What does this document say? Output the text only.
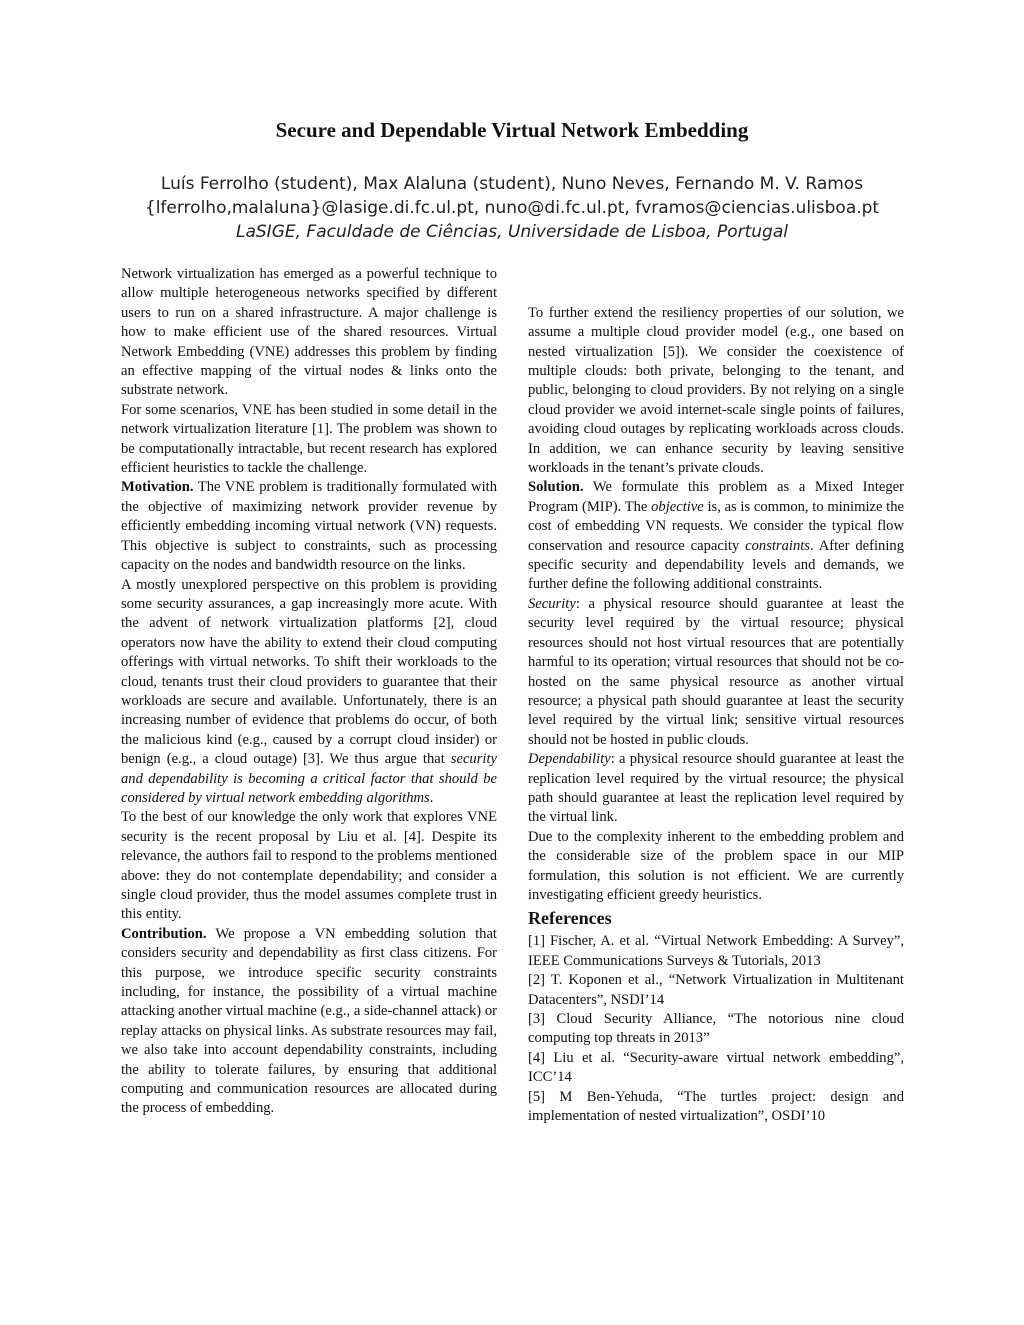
Secure and Dependable Virtual Network Embedding
Luís Ferrolho (student), Max Alaluna (student), Nuno Neves, Fernando M. V. Ramos
{lferrolho,malaluna}@lasige.di.fc.ul.pt, nuno@di.fc.ul.pt, fvramos@ciencias.ulisboa.pt
LaSIGE, Faculdade de Ciências, Universidade de Lisboa, Portugal

Network virtualization has emerged as a powerful technique to allow multiple heterogeneous networks specified by different users to run on a shared infrastructure. A major challenge is how to make efficient use of the shared resources. Virtual Network Embedding (VNE) addresses this problem by finding an effective mapping of the virtual nodes & links onto the substrate network.

For some scenarios, VNE has been studied in some detail in the network virtualization literature [1]. The problem was shown to be computationally intractable, but recent research has explored efficient heuristics to tackle the challenge.

Motivation. The VNE problem is traditionally formulated with the objective of maximizing network provider revenue by efficiently embedding incoming virtual network (VN) requests. This objective is subject to constraints, such as processing capacity on the nodes and bandwidth resource on the links.

A mostly unexplored perspective on this problem is providing some security assurances, a gap increasingly more acute. With the advent of network virtualization platforms [2], cloud operators now have the ability to extend their cloud computing offerings with virtual networks. To shift their workloads to the cloud, tenants trust their cloud providers to guarantee that their workloads are secure and available. Unfortunately, there is an increasing number of evidence that problems do occur, of both the malicious kind (e.g., caused by a corrupt cloud insider) or benign (e.g., a cloud outage) [3]. We thus argue that security and dependability is becoming a critical factor that should be considered by virtual network embedding algorithms.

To the best of our knowledge the only work that explores VNE security is the recent proposal by Liu et al. [4]. Despite its relevance, the authors fail to respond to the problems mentioned above: they do not contemplate dependability; and consider a single cloud provider, thus the model assumes complete trust in this entity.

Contribution. We propose a VN embedding solution that considers security and dependability as first class citizens. For this purpose, we introduce specific security constraints including, for instance, the possibility of a virtual machine attacking another virtual machine (e.g., a side-channel attack) or replay attacks on physical links. As substrate resources may fail, we also take into account dependability constraints, including the ability to tolerate failures, by ensuring that additional computing and communication resources are allocated during the process of embedding.

To further extend the resiliency properties of our solution, we assume a multiple cloud provider model (e.g., one based on nested virtualization [5]). We consider the coexistence of multiple clouds: both private, belonging to the tenant, and public, belonging to cloud providers. By not relying on a single cloud provider we avoid internet-scale single points of failures, avoiding cloud outages by replicating workloads across clouds. In addition, we can enhance security by leaving sensitive workloads in the tenant’s private clouds.

Solution. We formulate this problem as a Mixed Integer Program (MIP). The objective is, as is common, to minimize the cost of embedding VN requests. We consider the typical flow conservation and resource capacity constraints. After defining specific security and dependability levels and demands, we further define the following additional constraints.

Security: a physical resource should guarantee at least the security level required by the virtual resource; physical resources should not host virtual resources that are potentially harmful to its operation; virtual resources that should not be co-hosted on the same physical resource as another virtual resource; a physical path should guarantee at least the security level required by the virtual link; sensitive virtual resources should not be hosted in public clouds.

Dependability: a physical resource should guarantee at least the replication level required by the virtual resource; the physical path should guarantee at least the replication level required by the virtual link.

Due to the complexity inherent to the embedding problem and the considerable size of the problem space in our MIP formulation, this solution is not efficient. We are currently investigating efficient greedy heuristics.

References

[1] Fischer, A. et al. “Virtual Network Embedding: A Survey”, IEEE Communications Surveys & Tutorials, 2013

[2] T. Koponen et al., “Network Virtualization in Multitenant Datacenters”, NSDI’14

[3] Cloud Security Alliance, “The notorious nine cloud computing top threats in 2013”

[4] Liu et al. “Security-aware virtual network embedding”, ICC’14

[5] M Ben-Yehuda, “The turtles project: design and implementation of nested virtualization”, OSDI’10
